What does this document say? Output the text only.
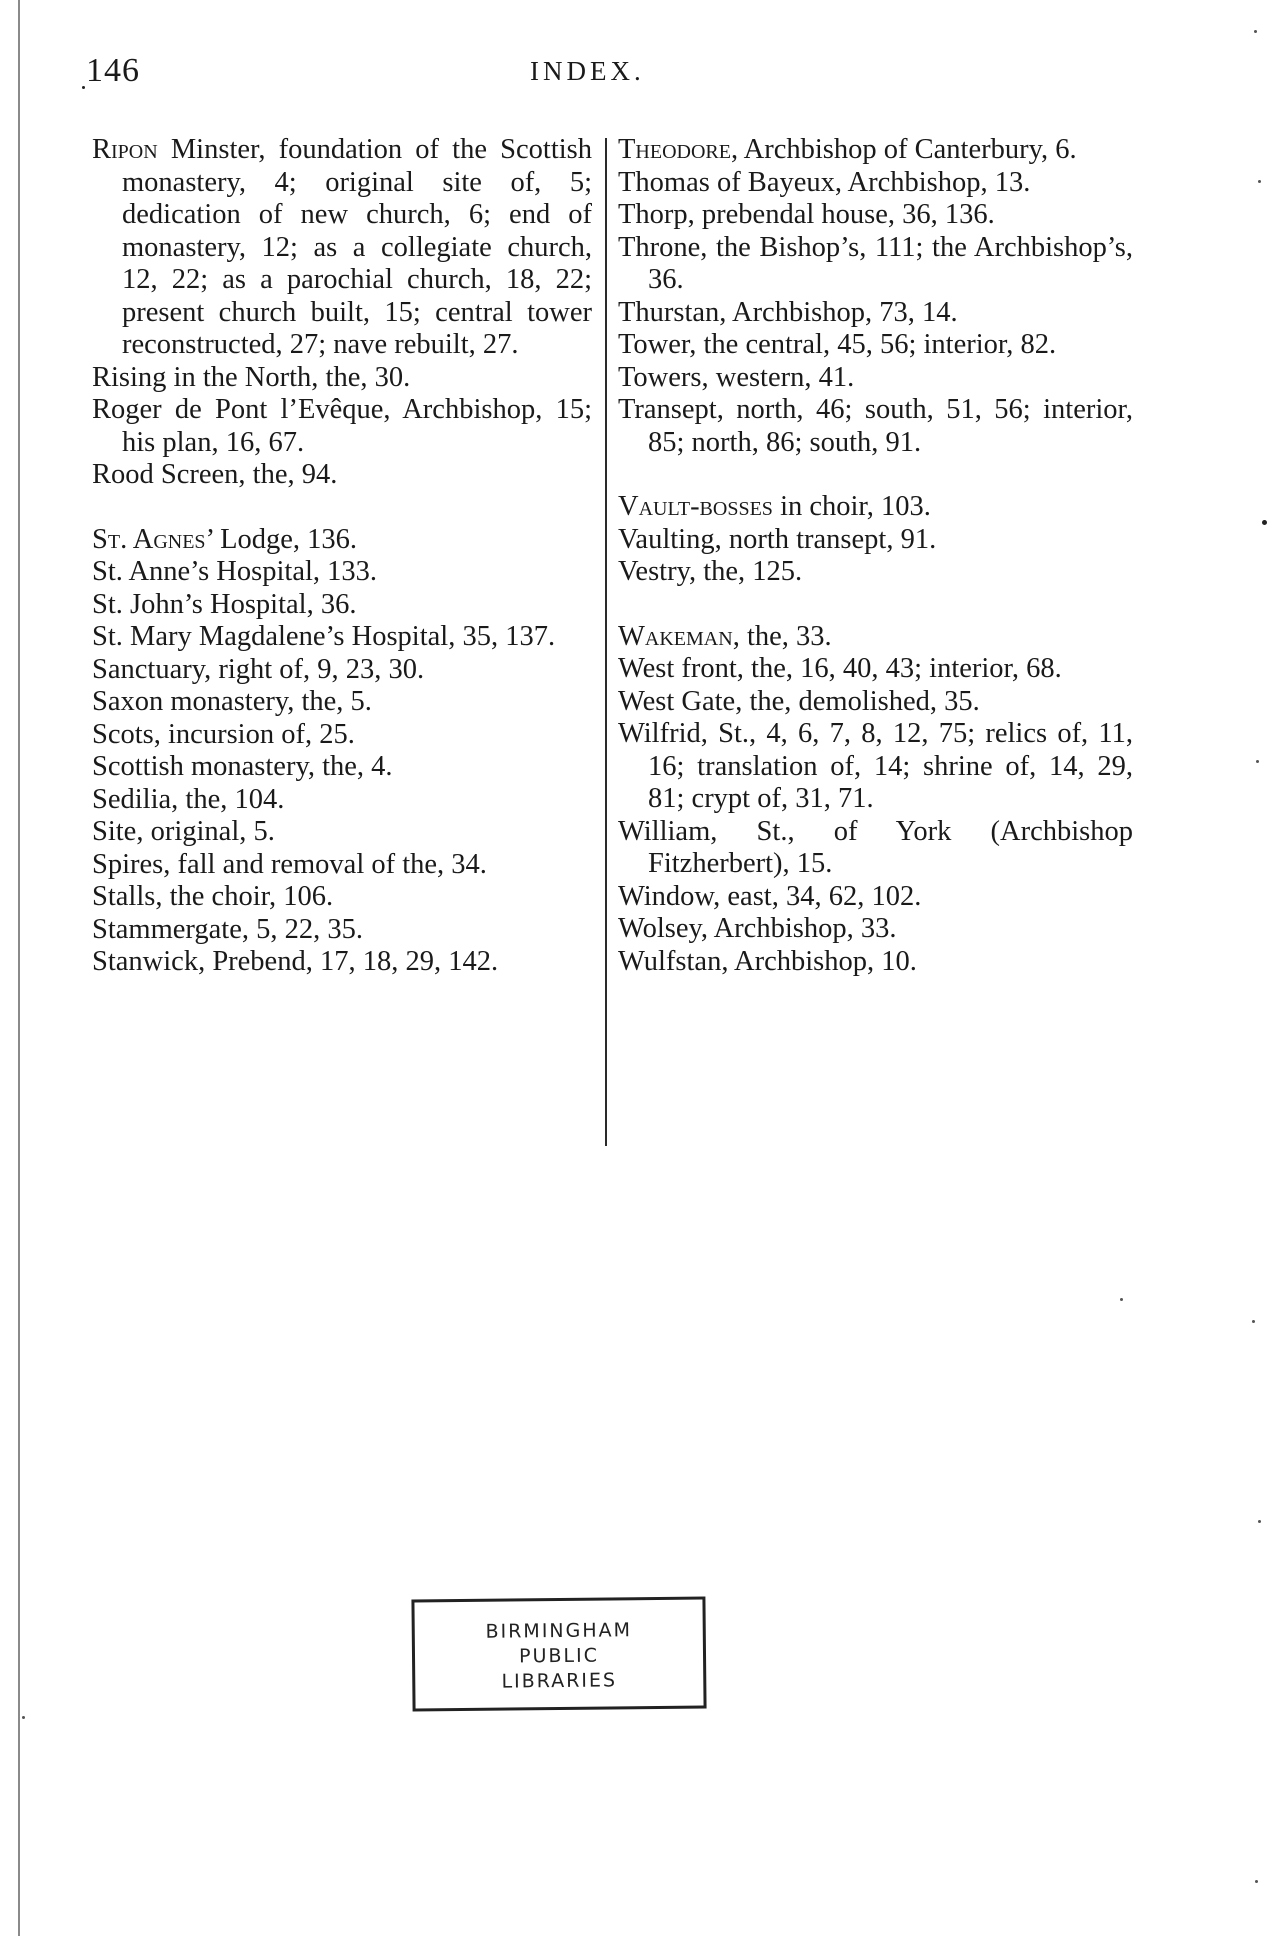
146	INDEX.

Ripon Minster, foundation of the Scottish monastery, 4; original site of, 5; dedication of new church, 6; end of monastery, 12; as a collegiate church, 12, 22; as a parochial church, 18, 22; present church built, 15; central tower reconstructed, 27; nave rebuilt, 27.

Rising in the North, the, 30.

Roger de Pont l’Evêque, Archbishop, 15; his plan, 16, 67.

Rood Screen, the, 94.

St. Agnes’ Lodge, 136.

St. Anne’s Hospital, 133.

St. John’s Hospital, 36.

St. Mary Magdalene’s Hospital, 35, 137.

Sanctuary, right of, 9, 23, 30.

Saxon monastery, the, 5.

Scots, incursion of, 25.

Scottish monastery, the, 4.

Sedilia, the, 104.

Site, original, 5.

Spires, fall and removal of the, 34.

Stalls, the choir, 106.

Stammergate, 5, 22, 35.

Stanwick, Prebend, 17, 18, 29, 142.

Theodore, Archbishop of Canterbury, 6.

Thomas of Bayeux, Archbishop, 13.

Thorp, prebendal house, 36, 136.

Throne, the Bishop’s, 111; the Archbishop’s, 36.

Thurstan, Archbishop, 73, 14.

Tower, the central, 45, 56; interior, 82.

Towers, western, 41.

Transept, north, 46; south, 51, 56; interior, 85; north, 86; south, 91.

Vault-bosses in choir, 103.

Vaulting, north transept, 91.

Vestry, the, 125.

Wakeman, the, 33.

West front, the, 16, 40, 43; interior, 68.

West Gate, the, demolished, 35.

Wilfrid, St., 4, 6, 7, 8, 12, 75; relics of, 11, 16; translation of, 14; shrine of, 14, 29, 81; crypt of, 31, 71.

William, St., of York (Archbishop Fitzherbert), 15.

Window, east, 34, 62, 102.

Wolsey, Archbishop, 33.

Wulfstan, Archbishop, 10.

BIRMINGHAM
PUBLIC
LIBRARIES
